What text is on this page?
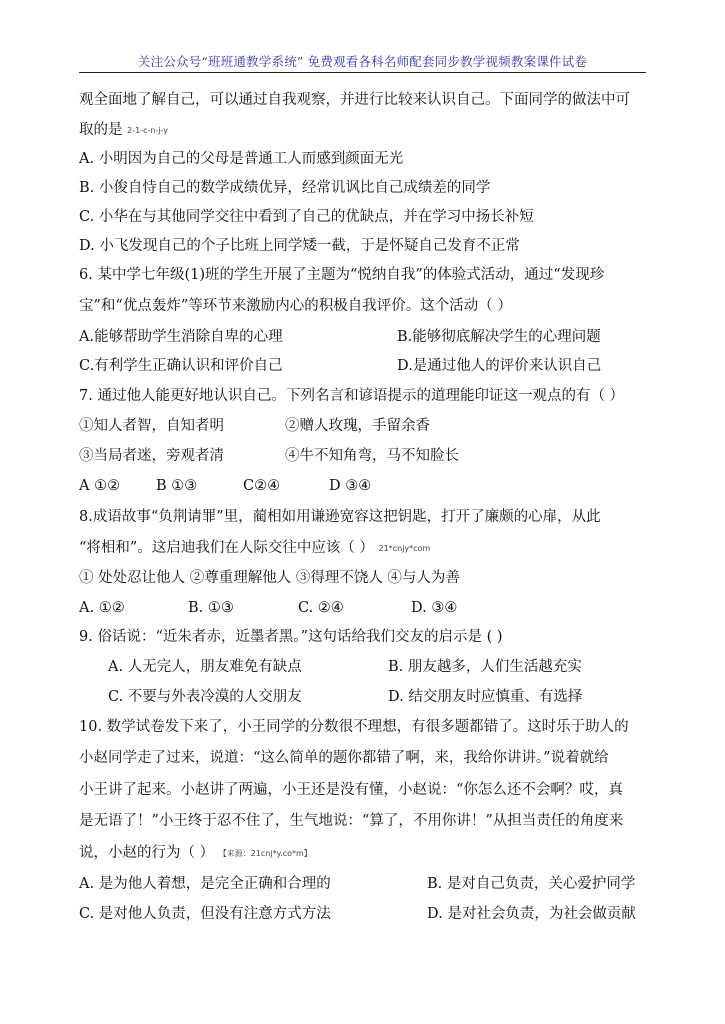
关注公众号“班班通教学系统” 免费观看各科名师配套同步教学视频教案课件试卷
观全面地了解自己，可以通过自我观察，并进行比较来认识自己。下面同学的做法中可
取的是 2-1-c-n-j-y
A. 小明因为自己的父母是普通工人而感到颜面无光
B. 小俊自恃自己的数学成绩优异，经常讥讽比自己成绩差的同学
C. 小华在与其他同学交往中看到了自己的优缺点，并在学习中扬长补短
D. 小飞发现自己的个子比班上同学矮一截，于是怀疑自己发育不正常
6. 某中学七年级(1)班的学生开展了主题为“悦纳自我”的体验式活动，通过“发现珍
宝”和“优点轰炸”等环节来激励内心的积极自我评价。这个活动（ ）
A.能够帮助学生消除自卑的心理	B.能够彻底解决学生的心理问题
C.有利学生正确认识和评价自己	D.是通过他人的评价来认识自己
7. 通过他人能更好地认识自己。下列名言和谚语提示的道理能印证这一观点的有（ ）
①知人者智，自知者明	②赠人玫瑰，手留余香
③当局者迷，旁观者清	④牛不知角弯，马不知脸长
A ①② B ①③	C②④	D ③④
8.成语故事“负荆请罪”里，蔺相如用谦逊宽容这把钥匙，打开了廉颇的心扉，从此
“将相和”。这启迪我们在人际交往中应该（ ） 21*cnjy*com
① 处处忍让他人 ②尊重理解他人 ③得理不饶人 ④与人为善
A. ①②	B. ①③	C. ②④	D. ③④
9. 俗话说：“近朱者赤，近墨者黑。”这句话给我们交友的启示是 ( )
A. 人无完人，朋友难免有缺点	B. 朋友越多，人们生活越充实
C. 不要与外表冷漠的人交朋友	D. 结交朋友时应慎重、有选择
10. 数学试卷发下来了，小王同学的分数很不理想，有很多题都错了。这时乐于助人的
小赵同学走了过来，说道：“这么简单的题你都错了啊，来，我给你讲讲。”说着就给
小王讲了起来。小赵讲了两遍，小王还是没有懂，小赵说：“你怎么还不会啊？哎，真
是无语了！”小王终于忍不住了，生气地说：“算了，不用你讲！”从担当责任的角度来
说，小赵的行为（ ） 【来源：21cnj*y.co*m】
A. 是为他人着想，是完全正确和合理的	B. 是对自己负责，关心爱护同学
C. 是对他人负责，但没有注意方式方法	D. 是对社会负责，为社会做贡献
